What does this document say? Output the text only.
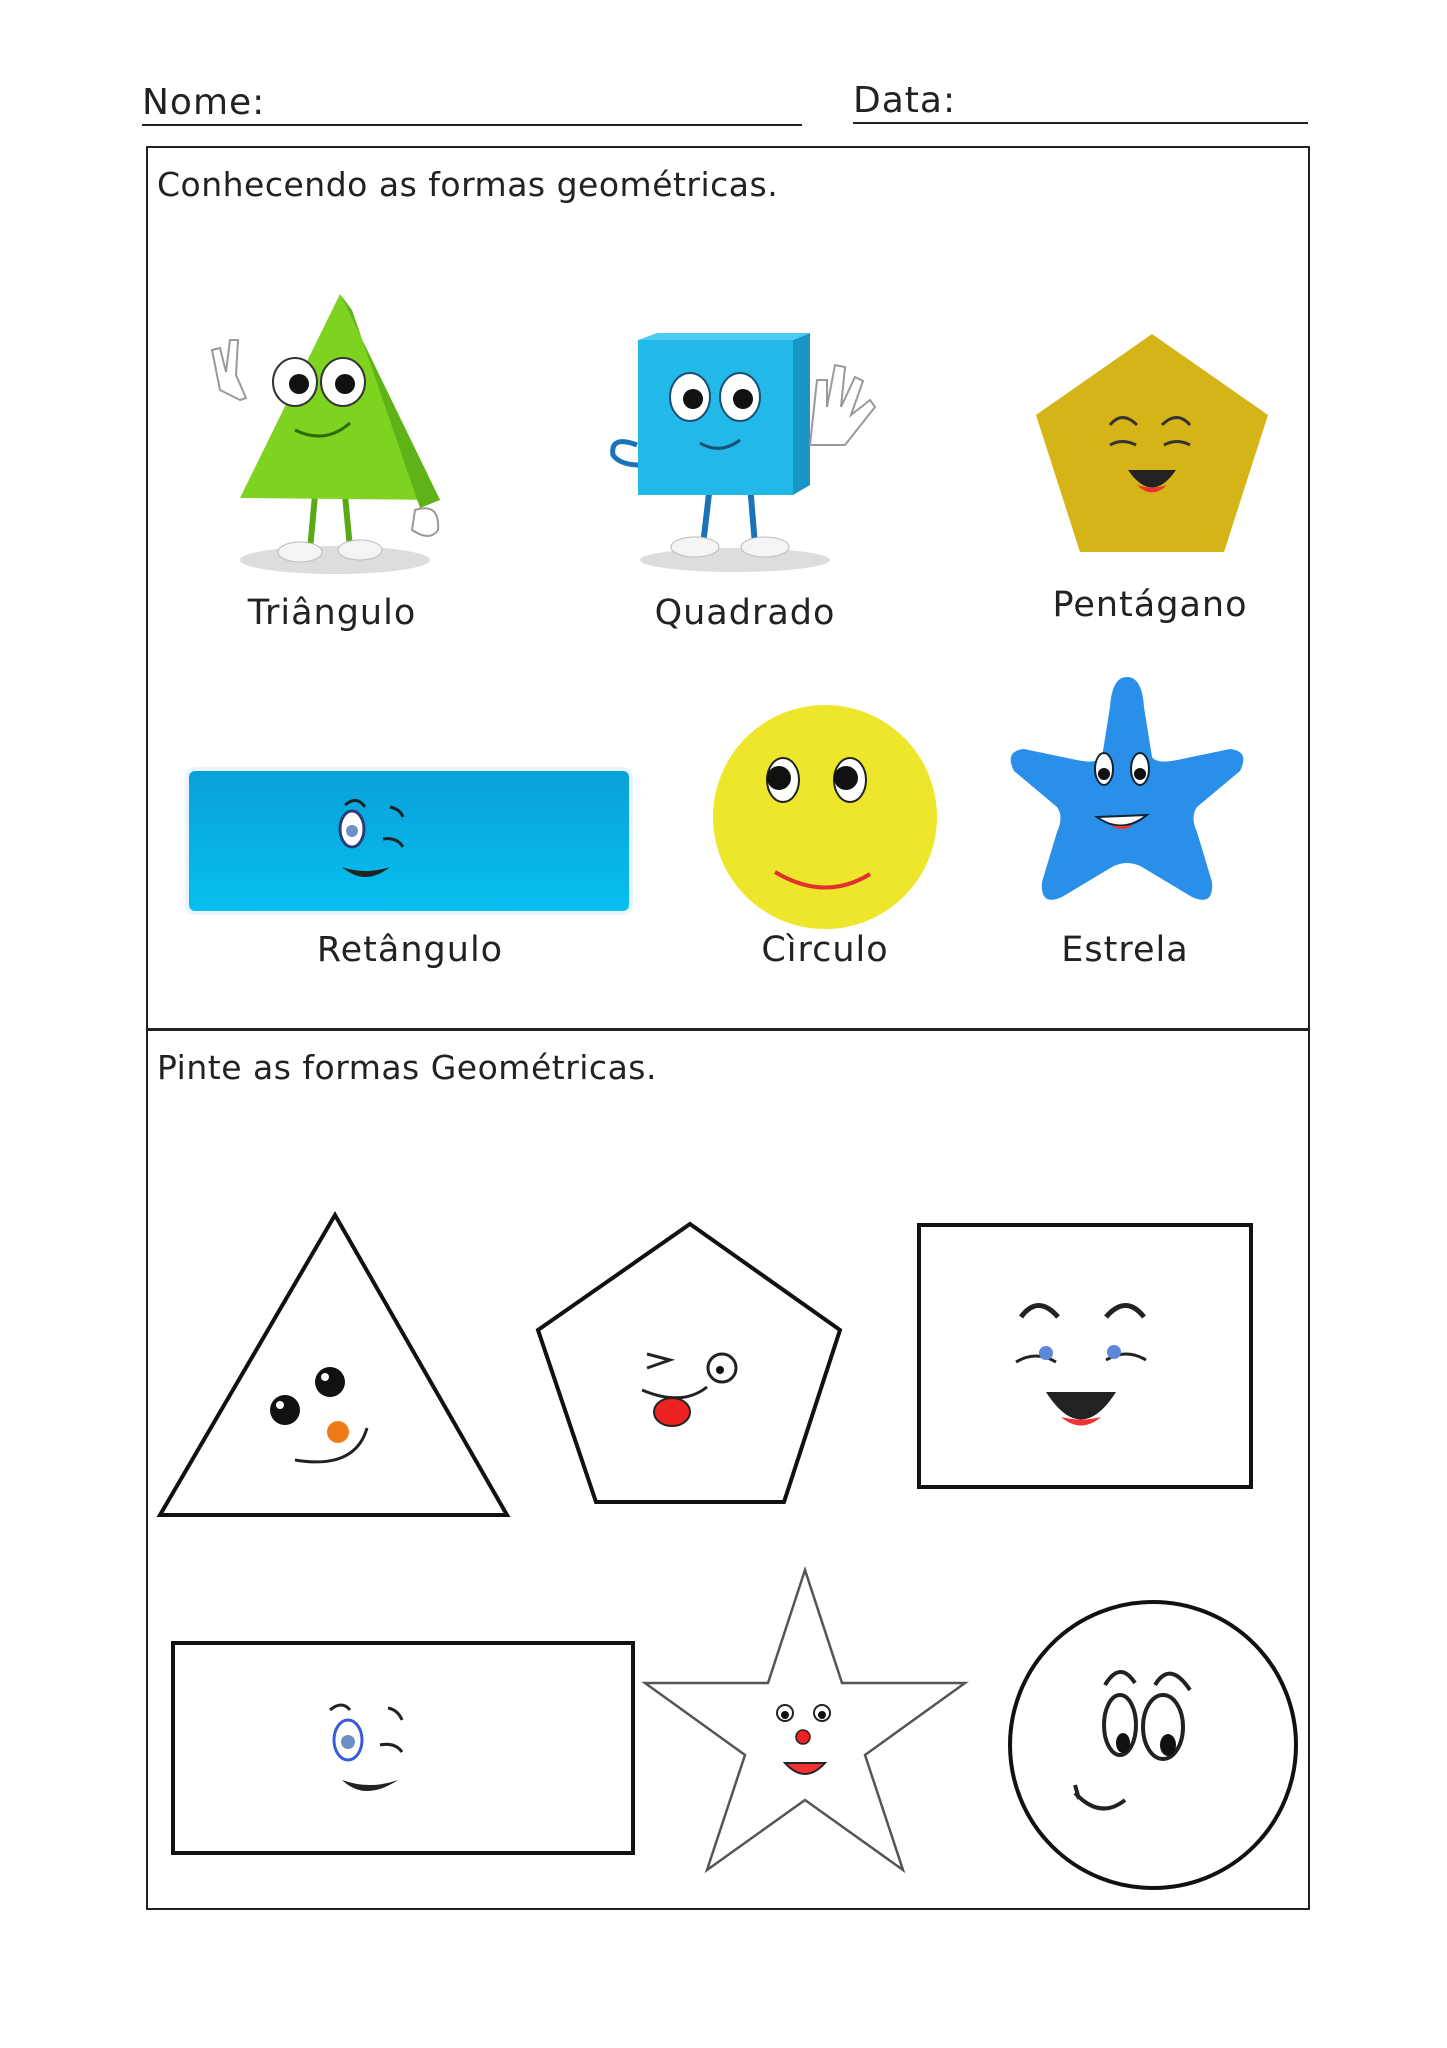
Nome:	Data:
Conhecendo as formas geométricas.
Triângulo	Quadrado	Pentágano
Retângulo	Cìrculo	Estrela
Pinte as formas Geométricas.
